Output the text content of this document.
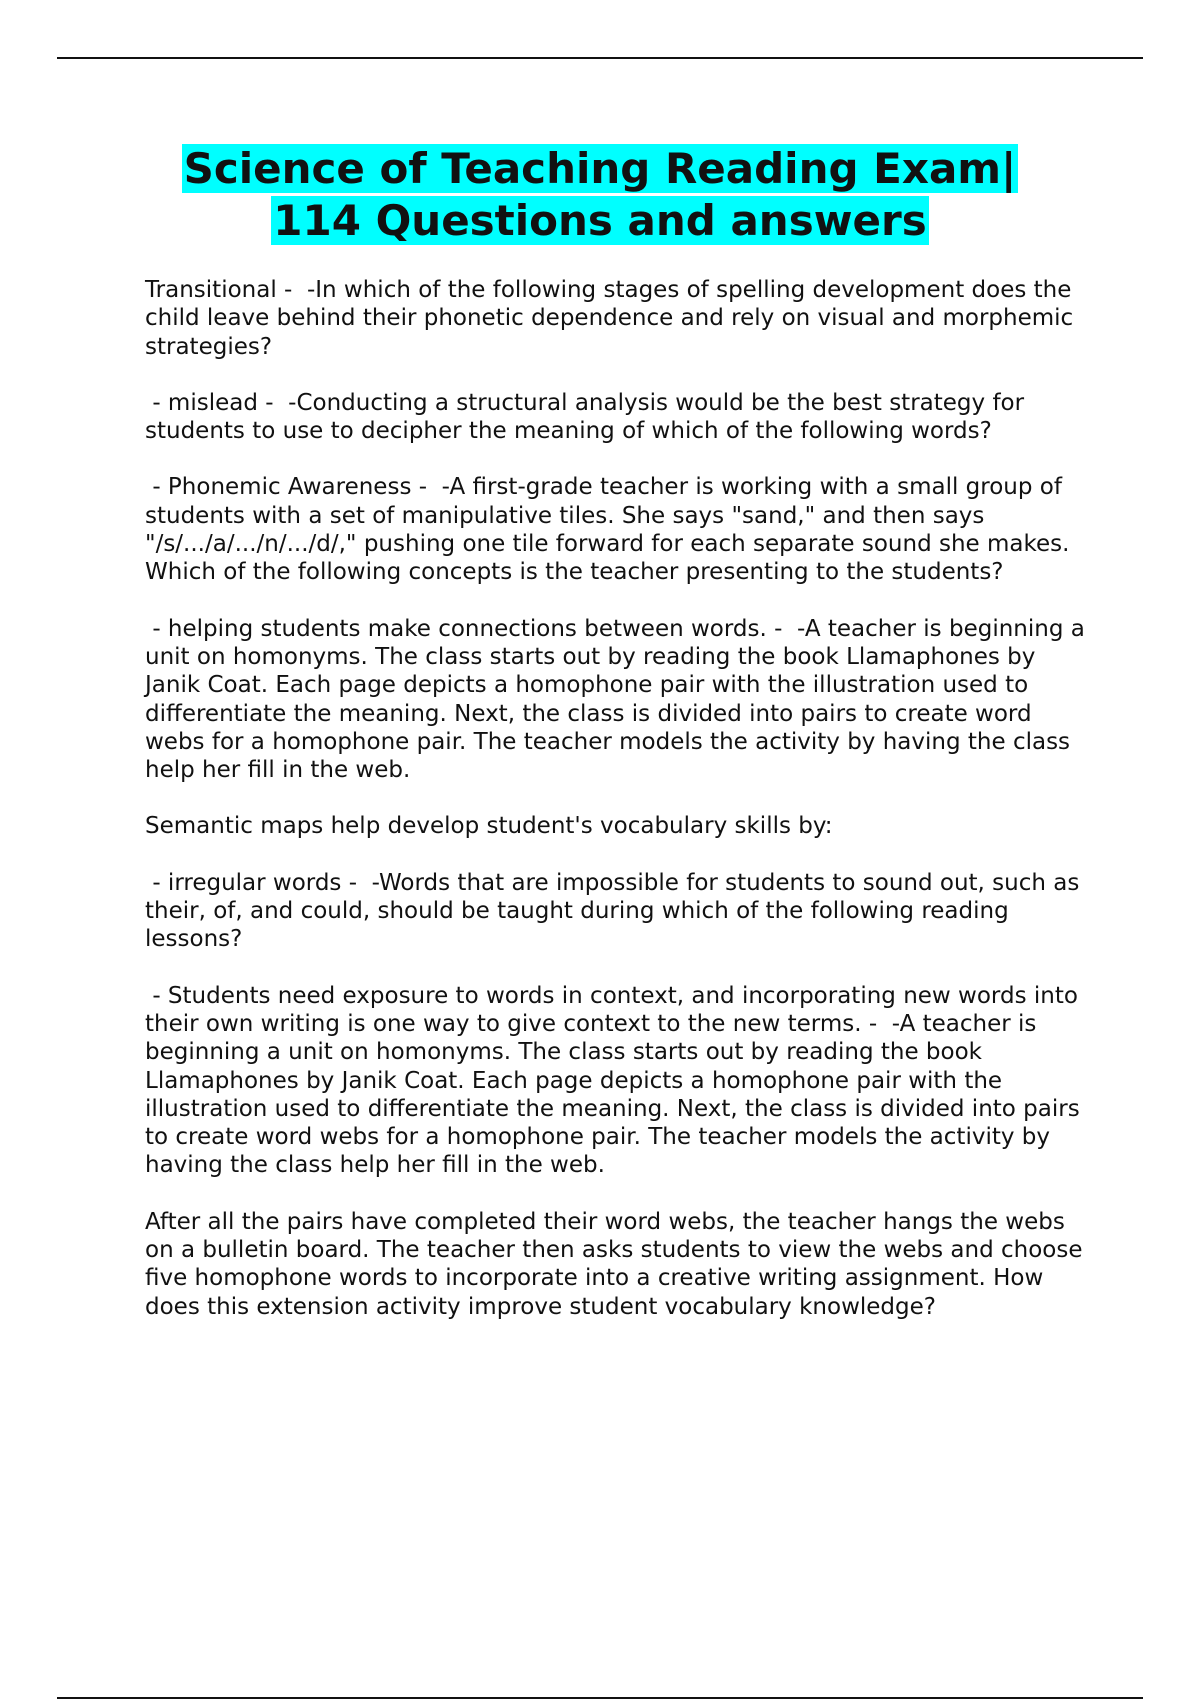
Science of Teaching Reading Exam|
114 Questions and answers

Transitional -  -In which of the following stages of spelling development does the child leave behind their phonetic dependence and rely on visual and morphemic strategies?

- mislead -  -Conducting a structural analysis would be the best strategy for students to use to decipher the meaning of which of the following words?

- Phonemic Awareness -  -A first-grade teacher is working with a small group of students with a set of manipulative tiles. She says "sand," and then says "/s/.../a/.../n/.../d/," pushing one tile forward for each separate sound she makes. Which of the following concepts is the teacher presenting to the students?

- helping students make connections between words. -  -A teacher is beginning a unit on homonyms. The class starts out by reading the book Llamaphones by Janik Coat. Each page depicts a homophone pair with the illustration used to differentiate the meaning. Next, the class is divided into pairs to create word webs for a homophone pair. The teacher models the activity by having the class help her fill in the web.

Semantic maps help develop student's vocabulary skills by:

- irregular words -  -Words that are impossible for students to sound out, such as their, of, and could, should be taught during which of the following reading lessons?

- Students need exposure to words in context, and incorporating new words into their own writing is one way to give context to the new terms. -  -A teacher is beginning a unit on homonyms. The class starts out by reading the book Llamaphones by Janik Coat. Each page depicts a homophone pair with the illustration used to differentiate the meaning. Next, the class is divided into pairs to create word webs for a homophone pair. The teacher models the activity by having the class help her fill in the web.

After all the pairs have completed their word webs, the teacher hangs the webs on a bulletin board. The teacher then asks students to view the webs and choose five homophone words to incorporate into a creative writing assignment. How does this extension activity improve student vocabulary knowledge?
